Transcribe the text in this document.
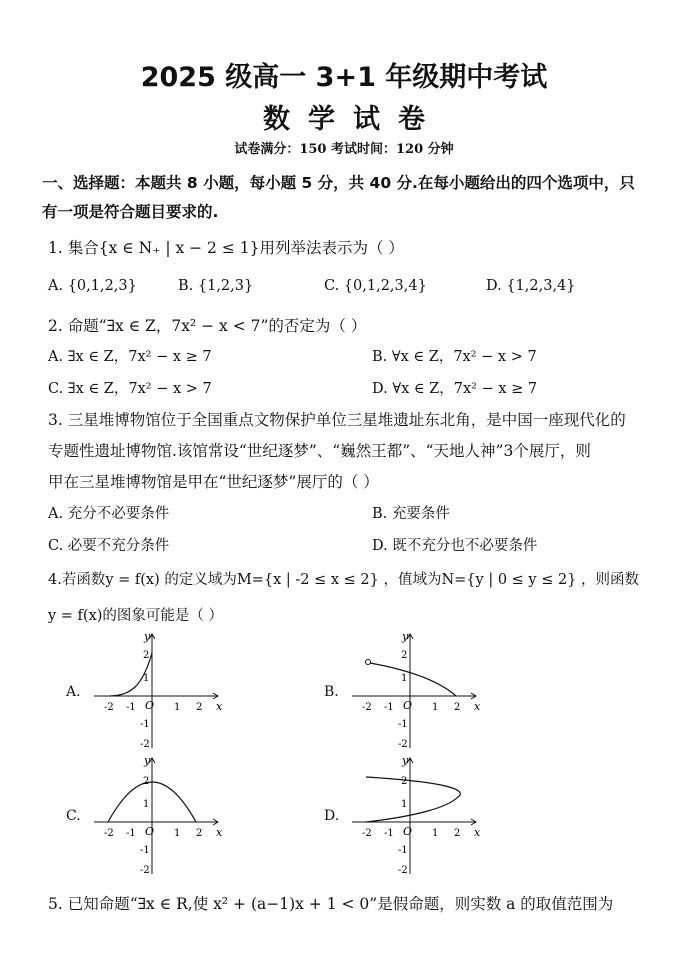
2025 级高一 3+1 年级期中考试
数学试卷
试卷满分：150 考试时间：120 分钟
一、选择题：本题共 8 小题，每小题 5 分，共 40 分.在每小题给出的四个选项中，只
有一项是符合题目要求的.
1. 集合{x ∈ N₊ | x − 2 ≤ 1}用列举法表示为（ ）
A. {0,1,2,3}	B. {1,2,3}	C. {0,1,2,3,4}	D. {1,2,3,4}
2. 命题“∃x ∈ Z，7x² − x < 7”的否定为（ ）
A. ∃x ∈ Z，7x² − x ≥ 7	B. ∀x ∈ Z，7x² − x > 7
C. ∃x ∈ Z，7x² − x > 7	D. ∀x ∈ Z，7x² − x ≥ 7
3. 三星堆博物馆位于全国重点文物保护单位三星堆遗址东北角，是中国一座现代化的
专题性遗址博物馆.该馆常设“世纪逐梦”、“巍然王都”、“天地人神”3个展厅，则
甲在三星堆博物馆是甲在“世纪逐梦”展厅的（ ）
A. 充分不必要条件	B. 充要条件
C. 必要不充分条件	D. 既不充分也不必要条件
4.若函数y = f(x) 的定义域为M={x | -2 ≤ x ≤ 2} ，值域为N={y | 0 ≤ y ≤ 2} ，则函数
y = f(x)的图象可能是（ ）
A.	B.
C.	D.
y
x
O
-2 -1	1 2
2
1
-1
-2
y
x
O
-2 -1	1 2
2
1
-1
-2
y
x
O
-2 -1	1 2
2
1
-1
-2
y
x
O
-2 -1	1 2
2
1
-1
-2
5. 已知命题“∃x ∈ R,使 x² + (a−1)x + 1 < 0”是假命题，则实数 a 的取值范围为
